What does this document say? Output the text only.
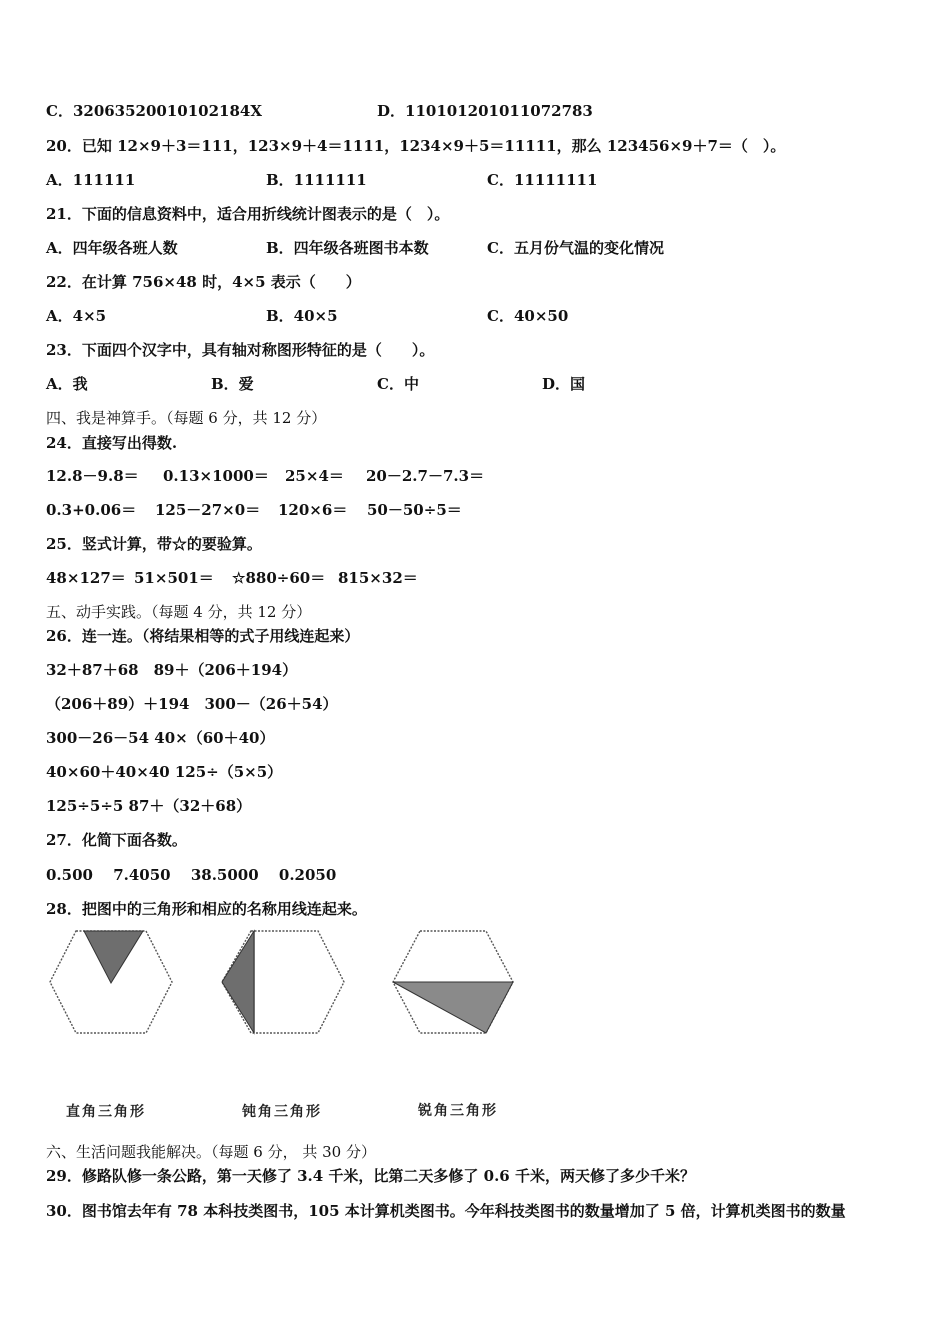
C．32063520010102184X	D．110101201011072783
20．已知 12×9＋3＝111，123×9＋4＝1111，1234×9＋5＝11111，那么 123456×9＋7＝（　）。
A．111111	B．1111111	C．11111111
21．下面的信息资料中，适合用折线统计图表示的是（　）。
A．四年级各班人数	B．四年级各班图书本数	C．五月份气温的变化情况
22．在计算 756×48 时，4×5 表示（　　）
A．4×5	B．40×5	C．40×50
23．下面四个汉字中，具有轴对称图形特征的是（　　）。
A．我	B．爱	C．中	D．国
四、我是神算手。（每题 6 分，共 12 分）
24．直接写出得数.
12.8－9.8＝ 0.13×1000＝ 25×4＝ 20－2.7－7.3＝
0.3+0.06＝ 125－27×0＝ 120×6＝ 50－50÷5＝
25．竖式计算，带☆的要验算。
48×127＝ 51×501＝ ☆880÷60＝ 815×32＝
五、动手实践。（每题 4 分，共 12 分）
26．连一连。（将结果相等的式子用线连起来）
32＋87＋68　89＋（206＋194）
（206＋89）＋194　300－（26＋54）
300－26－54 40×（60＋40）
40×60＋40×40 125÷（5×5）
125÷5÷5 87＋（32＋68）
27．化简下面各数。
0.500　 7.4050　 38.5000　 0.2050
28．把图中的三角形和相应的名称用线连起来。
直角三角形	钝角三角形	锐角三角形
六、生活问题我能解决。（每题 6 分， 共 30 分）
29．修路队修一条公路，第一天修了 3.4 千米，比第二天多修了 0.6 千米，两天修了多少千米？
30．图书馆去年有 78 本科技类图书，105 本计算机类图书。今年科技类图书的数量增加了 5 倍，计算机类图书的数量
